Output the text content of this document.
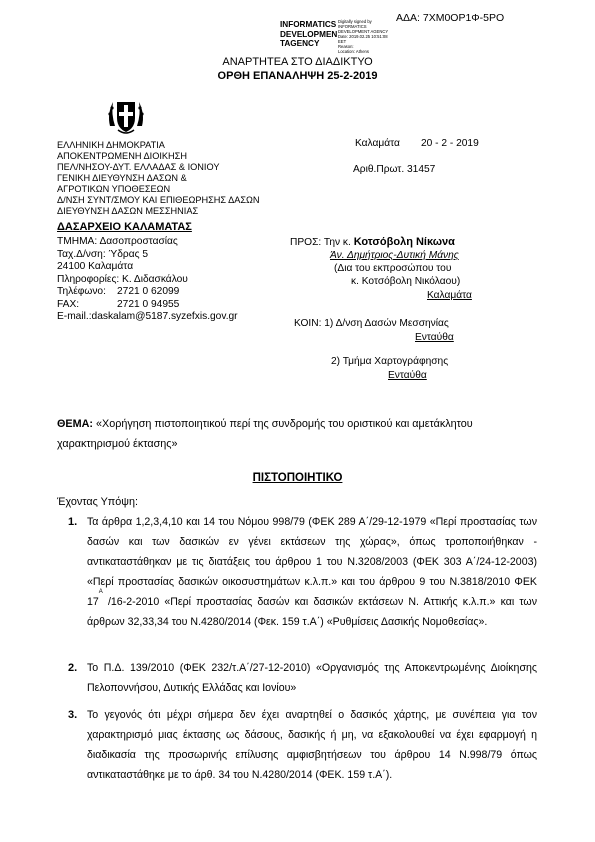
ΑΔΑ: 7ΧΜ0ΟΡ1Φ-5ΡΟ
INFORMATICS
DEVELOPMEN
TAGENCY
Digitally signed by
INFORMATICS
DEVELOPMENT AGENCY
Date: 2019.02.25 10:51:08
EET
Reason:
Location: Athens
ΑΝΑΡΤΗΤΕΑ ΣΤΟ ΔΙΑΔΙΚΤΥΟ
ΟΡΘΗ ΕΠΑΝΑΛΗΨΗ 25-2-2019
ΕΛΛΗΝΙΚΗ ΔΗΜΟΚΡΑΤΙΑ
ΑΠΟΚΕΝΤΡΩΜΕΝΗ ΔΙΟΙΚΗΣΗ
ΠΕΛ/ΝΗΣΟΥ-ΔΥΤ. ΕΛΛΑΔΑΣ & ΙΟΝΙΟΥ
ΓΕΝΙΚΗ ΔΙΕΥΘΥΝΣΗ ΔΑΣΩΝ &
ΑΓΡΟΤΙΚΩΝ ΥΠΟΘΕΣΕΩΝ
Δ/ΝΣΗ ΣΥΝΤ/ΣΜΟΥ ΚΑΙ ΕΠΙΘΕΩΡΗΣΗΣ ΔΑΣΩΝ
ΔΙΕΥΘΥΝΣΗ ΔΑΣΩΝ ΜΕΣΣΗΝΙΑΣ
ΔΑΣΑΡΧΕΙΟ ΚΑΛΑΜΑΤΑΣ
ΤΜΗΜΑ: Δασοπροστασίας
Ταχ.Δ/νση: Ύδρας 5
24100 Καλαμάτα
Πληροφορίες: Κ. Διδασκάλου
Τηλέφωνο: 2721 0 62099
FAX:	2721 0 94955
E-mail.:daskalam@5187.syzefxis.gov.gr
Καλαμάτα 20 - 2 - 2019
Αριθ.Πρωτ. 31457
ΠΡΟΣ: Την κ. Κοτσόβολη Νίκωνα
Άν. Δημήτριος-Δυτική Μάνης
(Δια του εκπροσώπου του
κ. Κοτσόβολη Νικόλαου)
Καλαμάτα
ΚΟΙΝ: 1) Δ/νση Δασών Μεσσηνίας
Ενταύθα
2) Τμήμα Χαρτογράφησης
Ενταύθα
ΘΕΜΑ: «Χορήγηση πιστοποιητικού περί της συνδρομής του οριστικού και αμετάκλητου
χαρακτηρισμού έκτασης»
ΠΙΣΤΟΠΟΙΗΤΙΚΟ
Έχοντας Υπόψη:
1. Τα άρθρα 1,2,3,4,10 και 14 του Νόμου 998/79 (ΦΕΚ 289 Α΄/29-12-1979 «Περί προστασίας των δασών και των δασικών εν γένει εκτάσεων της χώρας», όπως τροποποιήθηκαν - αντικαταστάθηκαν με τις διατάξεις του άρθρου 1 του Ν.3208/2003 (ΦΕΚ 303 Α΄/24-12-2003) «Περί προστασίας δασικών οικοσυστημάτων κ.λ.π.» και του άρθρου 9 του Ν.3818/2010 ΦΕΚ $17^A$ /16-2-2010 «Περί προστασίας δασών και δασικών εκτάσεων Ν. Αττικής κ.λ.π.» και των άρθρων 32,33,34 του Ν.4280/2014 (Φεκ. 159 τ.Α΄) «Ρυθμίσεις Δασικής Νομοθεσίας».
2. Το Π.Δ. 139/2010 (ΦΕΚ 232/τ.Α΄/27-12-2010) «Οργανισμός της Αποκεντρωμένης Διοίκησης Πελοποννήσου, Δυτικής Ελλάδας και Ιονίου»
3. Το γεγονός ότι μέχρι σήμερα δεν έχει αναρτηθεί ο δασικός χάρτης, με συνέπεια για τον χαρακτηρισμό μιας έκτασης ως δάσους, δασικής ή μη, να εξακολουθεί να έχει εφαρμογή η διαδικασία της προσωρινής επίλυσης αμφισβητήσεων του άρθρου 14 Ν.998/79 όπως αντικαταστάθηκε με το άρθ. 34 του Ν.4280/2014 (ΦΕΚ. 159 τ.Α΄).
